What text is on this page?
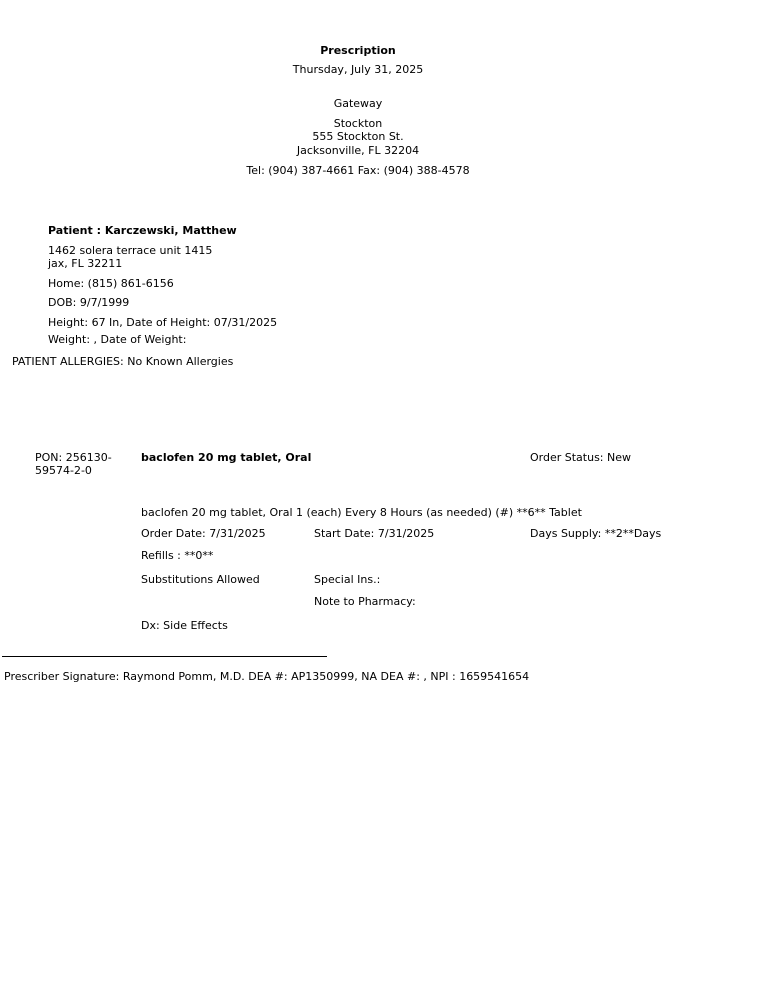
Prescription
Thursday, July 31, 2025
Gateway
Stockton
555 Stockton St.
Jacksonville, FL 32204
Tel: (904) 387-4661 Fax: (904) 388-4578
Patient : Karczewski, Matthew
1462 solera terrace unit 1415
jax, FL 32211
Home: (815) 861-6156
DOB: 9/7/1999
Height: 67 In, Date of Height: 07/31/2025
Weight: , Date of Weight:
PATIENT ALLERGIES: No Known Allergies
PON: 256130-
59574-2-0
baclofen 20 mg tablet, Oral	Order Status: New
baclofen 20 mg tablet, Oral 1 (each) Every 8 Hours (as needed) (#) **6** Tablet
Order Date: 7/31/2025	Start Date: 7/31/2025	Days Supply: **2**Days
Refills : **0**
Substitutions Allowed	Special Ins.:
Note to Pharmacy:
Dx: Side Effects
Prescriber Signature: Raymond Pomm, M.D. DEA #: AP1350999, NA DEA #: , NPI : 1659541654
